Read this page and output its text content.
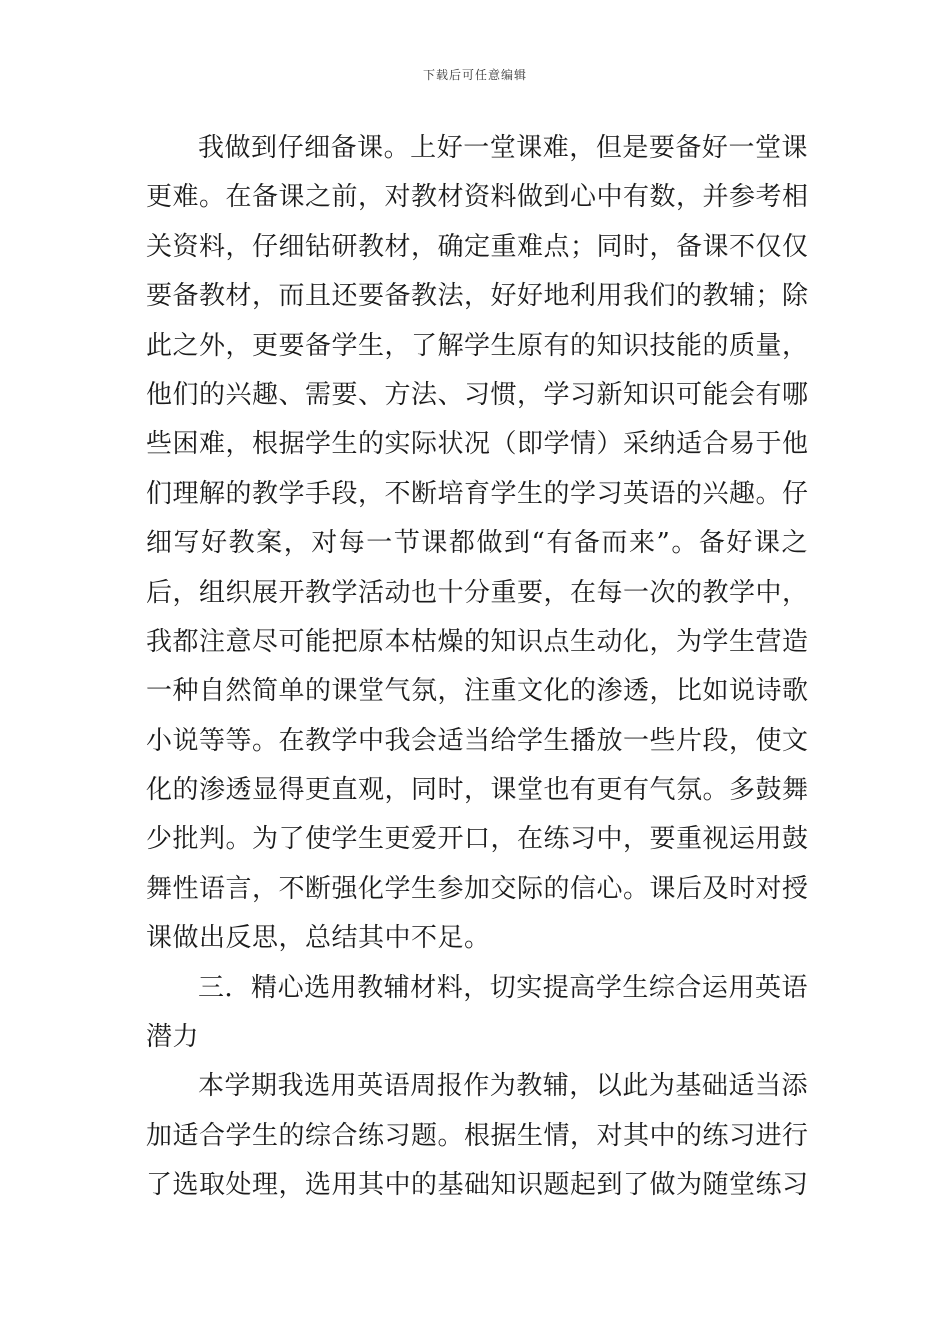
下载后可任意编辑
我做到仔细备课。上好一堂课难，但是要备好一堂课
更难。在备课之前，对教材资料做到心中有数，并参考相
关资料，仔细钻研教材，确定重难点；同时，备课不仅仅
要备教材，而且还要备教法，好好地利用我们的教辅；除
此之外，更要备学生，了解学生原有的知识技能的质量，
他们的兴趣、需要、方法、习惯，学习新知识可能会有哪
些困难，根据学生的实际状况（即学情）采纳适合易于他
们理解的教学手段，不断培育学生的学习英语的兴趣。仔
细写好教案，对每一节课都做到“有备而来”。备好课之
后，组织展开教学活动也十分重要，在每一次的教学中，
我都注意尽可能把原本枯燥的知识点生动化，为学生营造
一种自然简单的课堂气氛，注重文化的渗透，比如说诗歌
小说等等。在教学中我会适当给学生播放一些片段，使文
化的渗透显得更直观，同时，课堂也有更有气氛。多鼓舞
少批判。为了使学生更爱开口，在练习中，要重视运用鼓
舞性语言，不断强化学生参加交际的信心。课后及时对授
课做出反思，总结其中不足。
三．精心选用教辅材料，切实提高学生综合运用英语
潜力
本学期我选用英语周报作为教辅，以此为基础适当添
加适合学生的综合练习题。根据生情，对其中的练习进行
了选取处理，选用其中的基础知识题起到了做为随堂练习
